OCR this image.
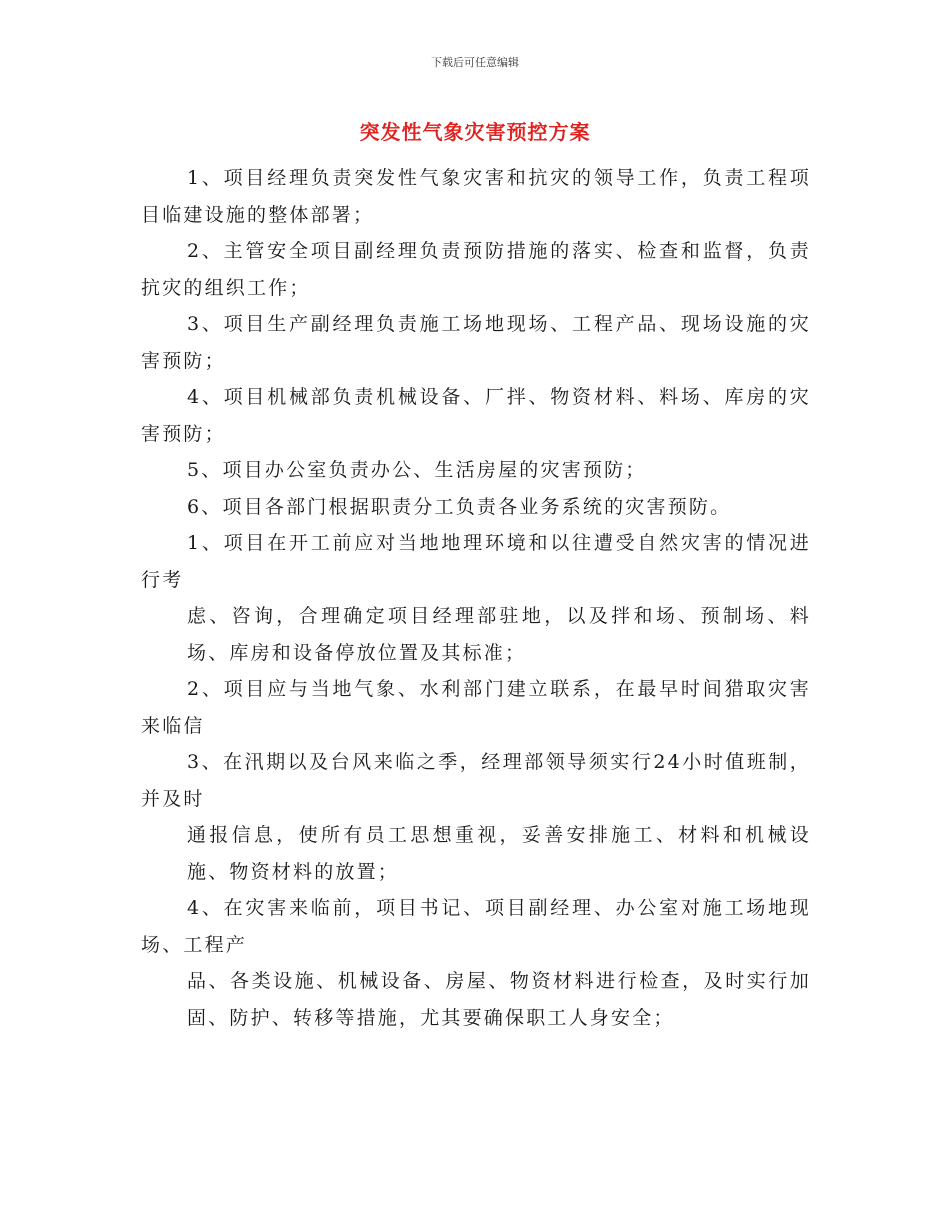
下载后可任意编辑
突发性气象灾害预控方案

1、项目经理负责突发性气象灾害和抗灾的领导工作，负责工程项目临建设施的整体部署；

2、主管安全项目副经理负责预防措施的落实、检查和监督，负责抗灾的组织工作；

3、项目生产副经理负责施工场地现场、工程产品、现场设施的灾害预防；

4、项目机械部负责机械设备、厂拌、物资材料、料场、库房的灾害预防；

5、项目办公室负责办公、生活房屋的灾害预防；

6、项目各部门根据职责分工负责各业务系统的灾害预防。

1、项目在开工前应对当地地理环境和以往遭受自然灾害的情况进行考

虑、咨询，合理确定项目经理部驻地，以及拌和场、预制场、料场、库房和设备停放位置及其标准；

2、项目应与当地气象、水利部门建立联系，在最早时间猎取灾害来临信

3、在汛期以及台风来临之季，经理部领导须实行24小时值班制，并及时

通报信息，使所有员工思想重视，妥善安排施工、材料和机械设施、物资材料的放置；

4、在灾害来临前，项目书记、项目副经理、办公室对施工场地现场、工程产

品、各类设施、机械设备、房屋、物资材料进行检查，及时实行加固、防护、转移等措施，尤其要确保职工人身安全；
